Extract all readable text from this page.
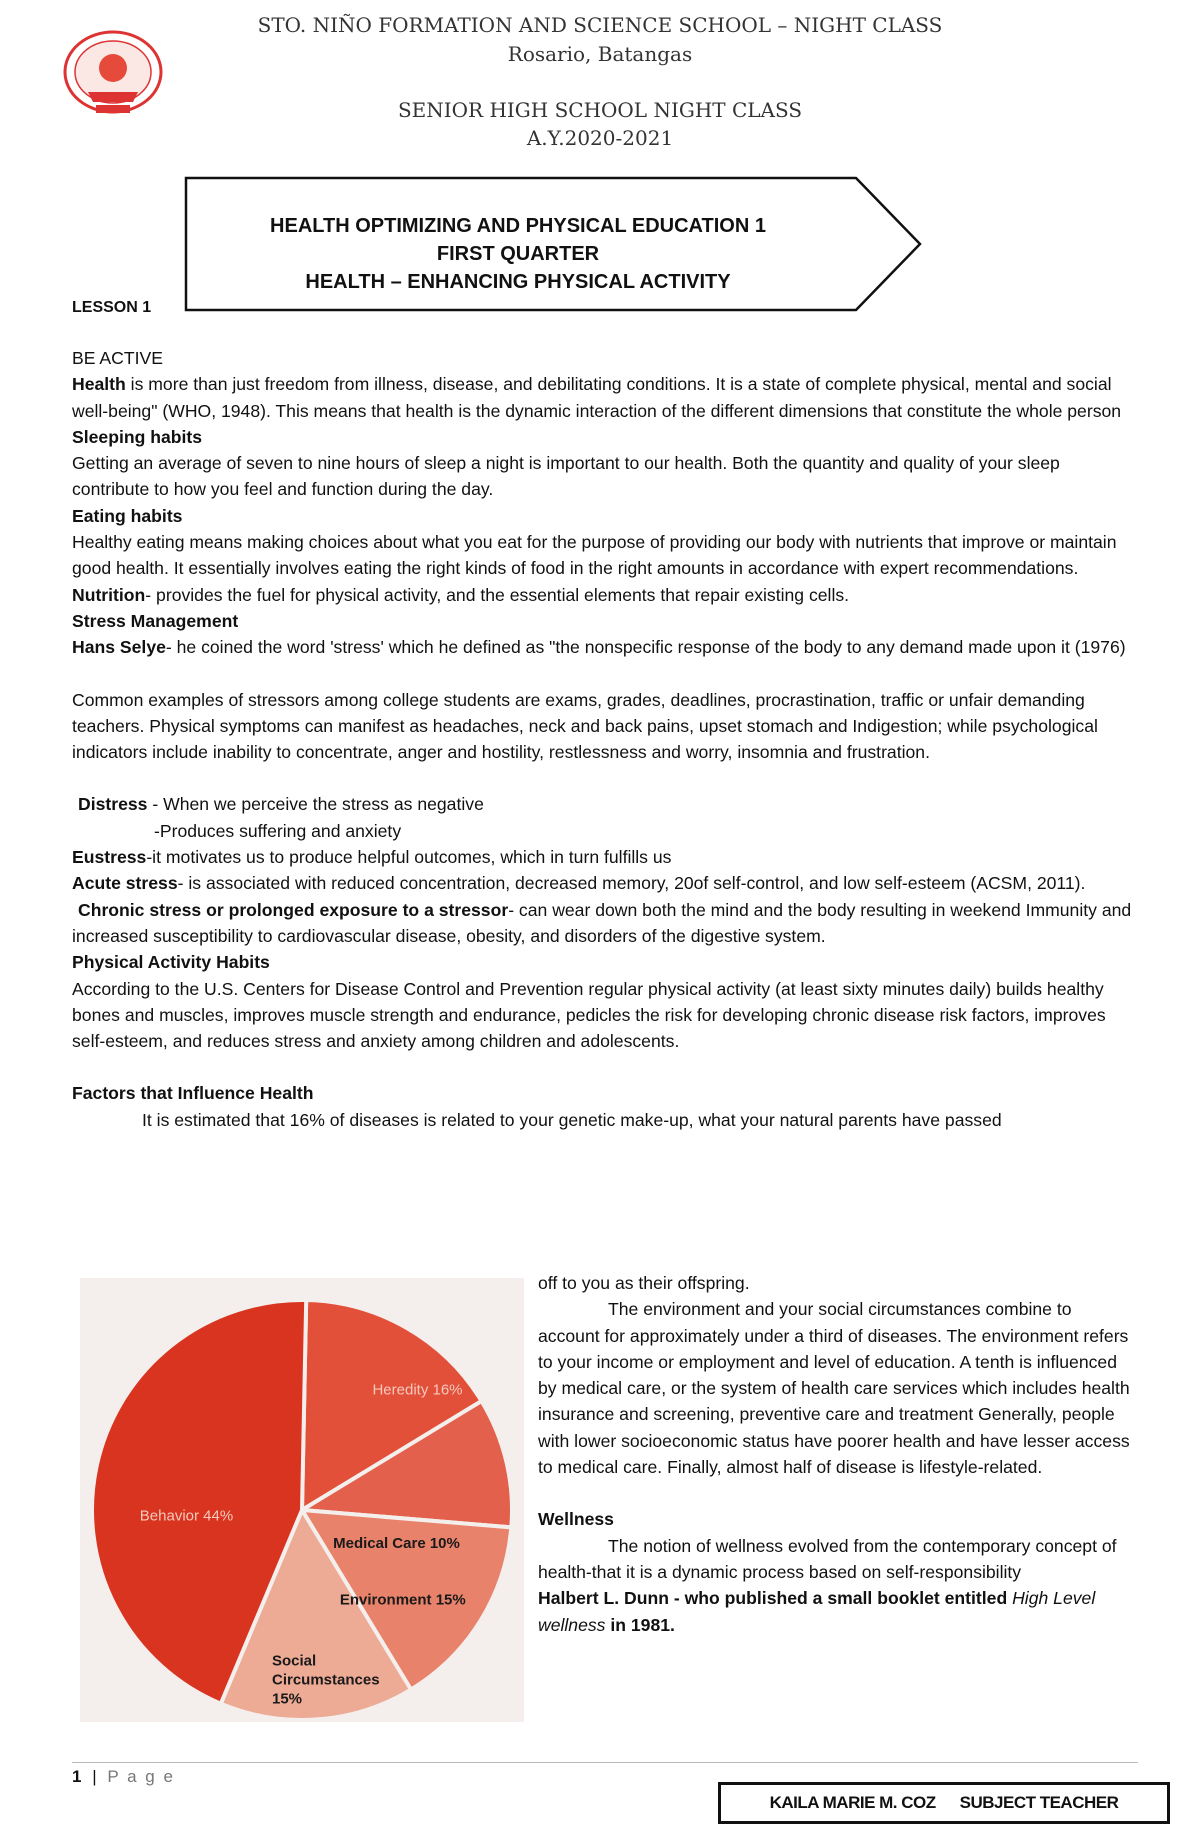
STO. NIÑO FORMATION AND SCIENCE SCHOOL – NIGHT CLASS
Rosario, Batangas
SENIOR HIGH SCHOOL NIGHT CLASS
A.Y.2020-2021
HEALTH OPTIMIZING AND PHYSICAL EDUCATION 1
FIRST QUARTER
HEALTH – ENHANCING PHYSICAL ACTIVITY
LESSON 1

BE ACTIVE

Health is more than just freedom from illness, disease, and debilitating conditions. It is a state of complete physical, mental and social well-being" (WHO, 1948). This means that health is the dynamic interaction of the different dimensions that constitute the whole person

Sleeping habits

Getting an average of seven to nine hours of sleep a night is important to our health. Both the quantity and quality of your sleep contribute to how you feel and function during the day.

Eating habits

Healthy eating means making choices about what you eat for the purpose of providing our body with nutrients that improve or maintain good health. It essentially involves eating the right kinds of food in the right amounts in accordance with expert recommendations.

Nutrition- provides the fuel for physical activity, and the essential elements that repair existing cells.

Stress Management

Hans Selye- he coined the word 'stress' which he defined as "the nonspecific response of the body to any demand made upon it (1976)

Common examples of stressors among college students are exams, grades, deadlines, procrastination, traffic or unfair demanding teachers. Physical symptoms can manifest as headaches, neck and back pains, upset stomach and Indigestion; while psychological indicators include inability to concentrate, anger and hostility, restlessness and worry, insomnia and frustration.

Distress - When we perceive the stress as negative

-Produces suffering and anxiety

Eustress-it motivates us to produce helpful outcomes, which in turn fulfills us

Acute stress- is associated with reduced concentration, decreased memory, 20of self-control, and low self-esteem (ACSM, 2011).

Chronic stress or prolonged exposure to a stressor- can wear down both the mind and the body resulting in weekend Immunity and increased susceptibility to cardiovascular disease, obesity, and disorders of the digestive system.

Physical Activity Habits

According to the U.S. Centers for Disease Control and Prevention regular physical activity (at least sixty minutes daily) builds healthy bones and muscles, improves muscle strength and endurance, pedicles the risk for developing chronic disease risk factors, improves self-esteem, and reduces stress and anxiety among children and adolescents.

Factors that Influence Health

It is estimated that 16% of diseases is related to your genetic make-up, what your natural parents have passed

Heredity 16%
Medical Care 10%
Environment 15%
Social Circumstances 15%
Behavior 44%

off to you as their offspring.

The environment and your social circumstances combine to account for approximately under a third of diseases. The environment refers to your income or employment and level of education. A tenth is influenced by medical care, or the system of health care services which includes health insurance and screening, preventive care and treatment Generally, people with lower socioeconomic status have poorer health and have lesser access to medical care. Finally, almost half of disease is lifestyle-related.

Wellness

The notion of wellness evolved from the contemporary concept of health-that it is a dynamic process based on self-responsibility

Halbert L. Dunn - who published a small booklet entitled High Level wellness in 1981.

1 | P a g e
KAILA MARIE M. COZ SUBJECT TEACHER
